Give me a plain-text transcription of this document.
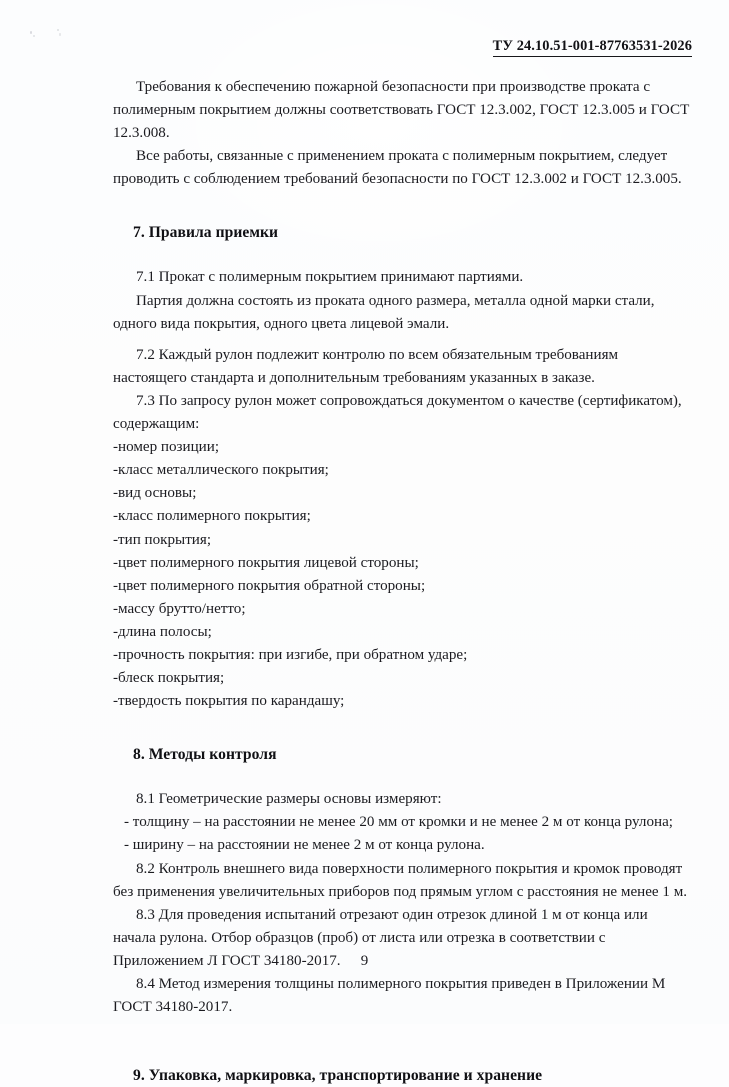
ТУ 24.10.51-001-87763531-2026

Требования к обеспечению пожарной безопасности при производстве проката с полимерным покрытием должны соответствовать ГОСТ 12.3.002, ГОСТ 12.3.005 и ГОСТ 12.3.008.

Все работы, связанные с применением проката с полимерным покрытием, следует проводить с соблюдением требований безопасности по ГОСТ 12.3.002 и ГОСТ 12.3.005.

7. Правила приемки

7.1 Прокат с полимерным покрытием принимают партиями.

Партия должна состоять из проката одного размера, металла одной марки стали, одного вида покрытия, одного цвета лицевой эмали.

7.2 Каждый рулон подлежит контролю по всем обязательным требованиям настоящего стандарта и дополнительным требованиям указанных в заказе.

7.3 По запросу рулон может сопровождаться документом о качестве (сертификатом), содержащим:

-номер позиции;

-класс металлического покрытия;

-вид основы;

-класс полимерного покрытия;

-тип покрытия;

-цвет полимерного покрытия лицевой стороны;

-цвет полимерного покрытия обратной стороны;

-массу брутто/нетто;

-длина полосы;

-прочность покрытия: при изгибе, при обратном ударе;

-блеск покрытия;

-твердость покрытия по карандашу;

8. Методы контроля

8.1 Геометрические размеры основы измеряют:

- толщину – на расстоянии не менее 20 мм от кромки и не менее 2 м от конца рулона;

- ширину – на расстоянии не менее 2 м от конца рулона.

8.2 Контроль внешнего вида поверхности полимерного покрытия и кромок проводят без применения увеличительных приборов под прямым углом с расстояния не менее 1 м.

8.3 Для проведения испытаний отрезают один отрезок длиной 1 м от конца или начала рулона. Отбор образцов (проб) от листа или отрезка в соответствии с Приложением Л ГОСТ 34180-2017.

8.4 Метод измерения толщины полимерного покрытия приведен в Приложении М ГОСТ 34180-2017.

9. Упаковка, маркировка, транспортирование и хранение
9
